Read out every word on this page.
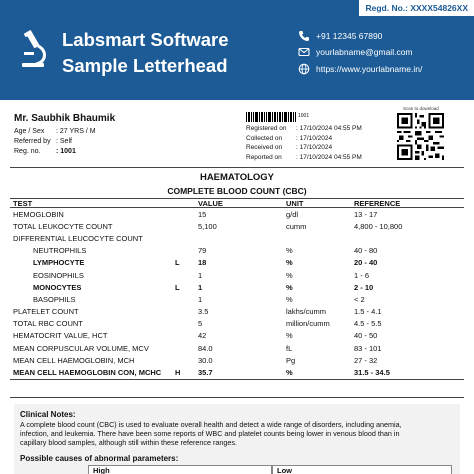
Regd. No.: XXXX54826XX
Labsmart Software
Sample Letterhead
+91 12345 67890
yourlabname@gmail.com
https://www.yourlabname.in/
Mr. Saubhik Bhaumik
Age / Sex	: 27 YRS / M
Referred by : Self
Reg. no.	: 1001
1001
Registered on	: 17/10/2024 04:55 PM
Collected on	: 17/10/2024
Received on	: 17/10/2024
Reported on	: 17/10/2024 04:55 PM
Scan to download
HAEMATOLOGY
COMPLETE BLOOD COUNT (CBC)
TEST	VALUE	UNIT	REFERENCE
HEMOGLOBIN	15	g/dl	13 - 17
TOTAL LEUKOCYTE COUNT	5,100	cumm	4,800 - 10,800
DIFFERENTIAL LEUCOCYTE COUNT
NEUTROPHILS	79	%	40 - 80
LYMPHOCYTE	L	18	%	20 - 40
EOSINOPHILS	1	%	1 - 6
MONOCYTES	L	1	%	2 - 10
BASOPHILS	1	%	< 2
PLATELET COUNT	3.5	lakhs/cumm	1.5 - 4.1
TOTAL RBC COUNT	5	million/cumm	4.5 - 5.5
HEMATOCRIT VALUE, HCT	42	%	40 - 50
MEAN CORPUSCULAR VOLUME, MCV	84.0	fL	83 - 101
MEAN CELL HAEMOGLOBIN, MCH	30.0	Pg	27 - 32
MEAN CELL HAEMOGLOBIN CON, MCHC	H	35.7	%	31.5 - 34.5
Clinical Notes:
A complete blood count (CBC) is used to evaluate overall health and detect a wide range of disorders, including anemia,
infection, and leukemia. There have been some reports of WBC and platelet counts being lower in venous blood than in
capillary blood samples, although still within these reference ranges.
Possible causes of abnormal parameters:
High	Low
